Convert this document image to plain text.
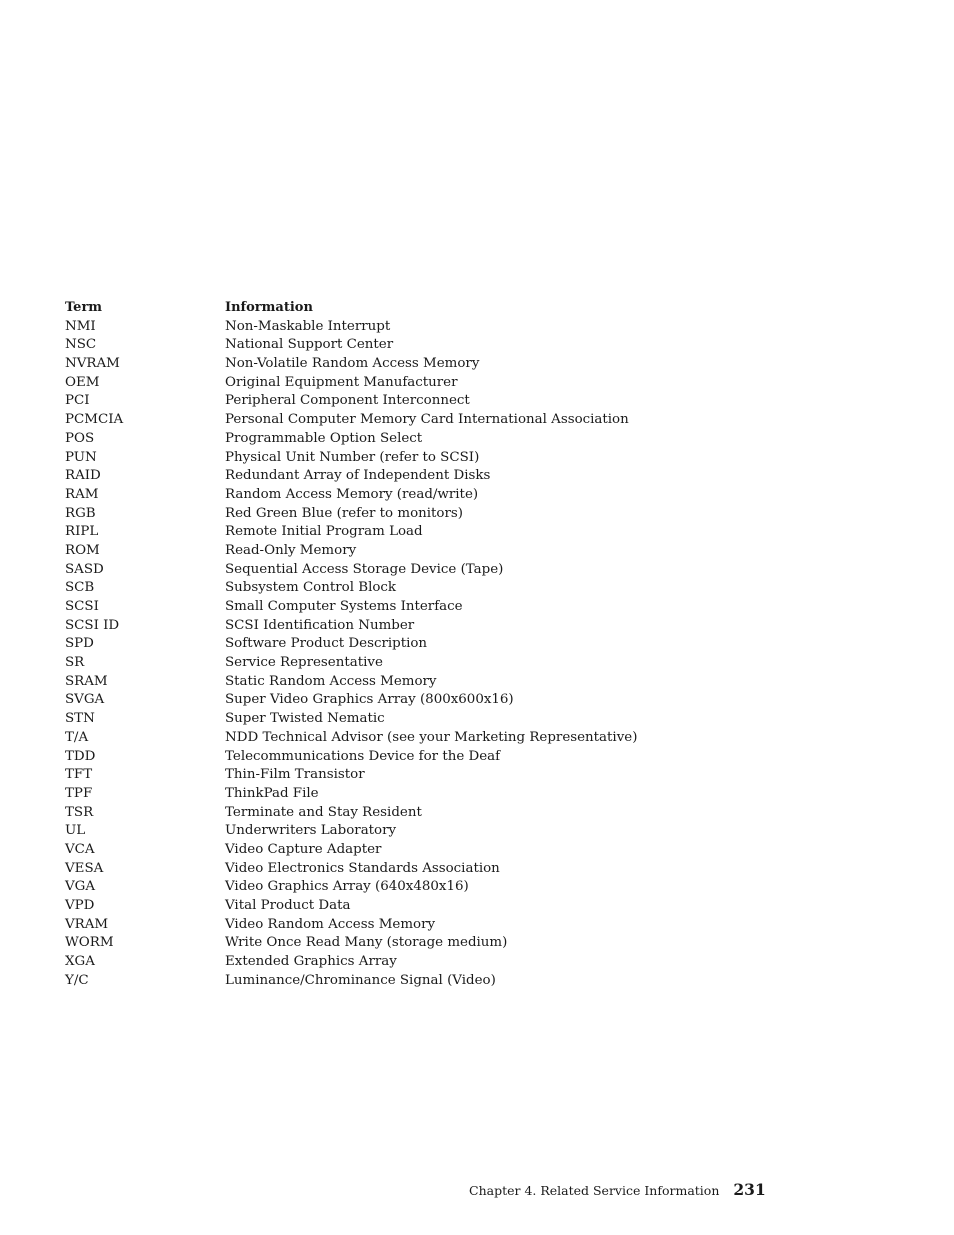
Term	Information
NMI	Non-Maskable Interrupt
NSC	National Support Center
NVRAM	Non-Volatile Random Access Memory
OEM	Original Equipment Manufacturer
PCI	Peripheral Component Interconnect
PCMCIA	Personal Computer Memory Card International Association
POS	Programmable Option Select
PUN	Physical Unit Number (refer to SCSI)
RAID	Redundant Array of Independent Disks
RAM	Random Access Memory (read/write)
RGB	Red Green Blue (refer to monitors)
RIPL	Remote Initial Program Load
ROM	Read-Only Memory
SASD	Sequential Access Storage Device (Tape)
SCB	Subsystem Control Block
SCSI	Small Computer Systems Interface
SCSI ID	SCSI Identification Number
SPD	Software Product Description
SR	Service Representative
SRAM	Static Random Access Memory
SVGA	Super Video Graphics Array (800x600x16)
STN	Super Twisted Nematic
T/A	NDD Technical Advisor (see your Marketing Representative)
TDD	Telecommunications Device for the Deaf
TFT	Thin-Film Transistor
TPF	ThinkPad File
TSR	Terminate and Stay Resident
UL	Underwriters Laboratory
VCA	Video Capture Adapter
VESA	Video Electronics Standards Association
VGA	Video Graphics Array (640x480x16)
VPD	Vital Product Data
VRAM	Video Random Access Memory
WORM	Write Once Read Many (storage medium)
XGA	Extended Graphics Array
Y/C	Luminance/Chrominance Signal (Video)
Chapter 4. Related Service Information 231
